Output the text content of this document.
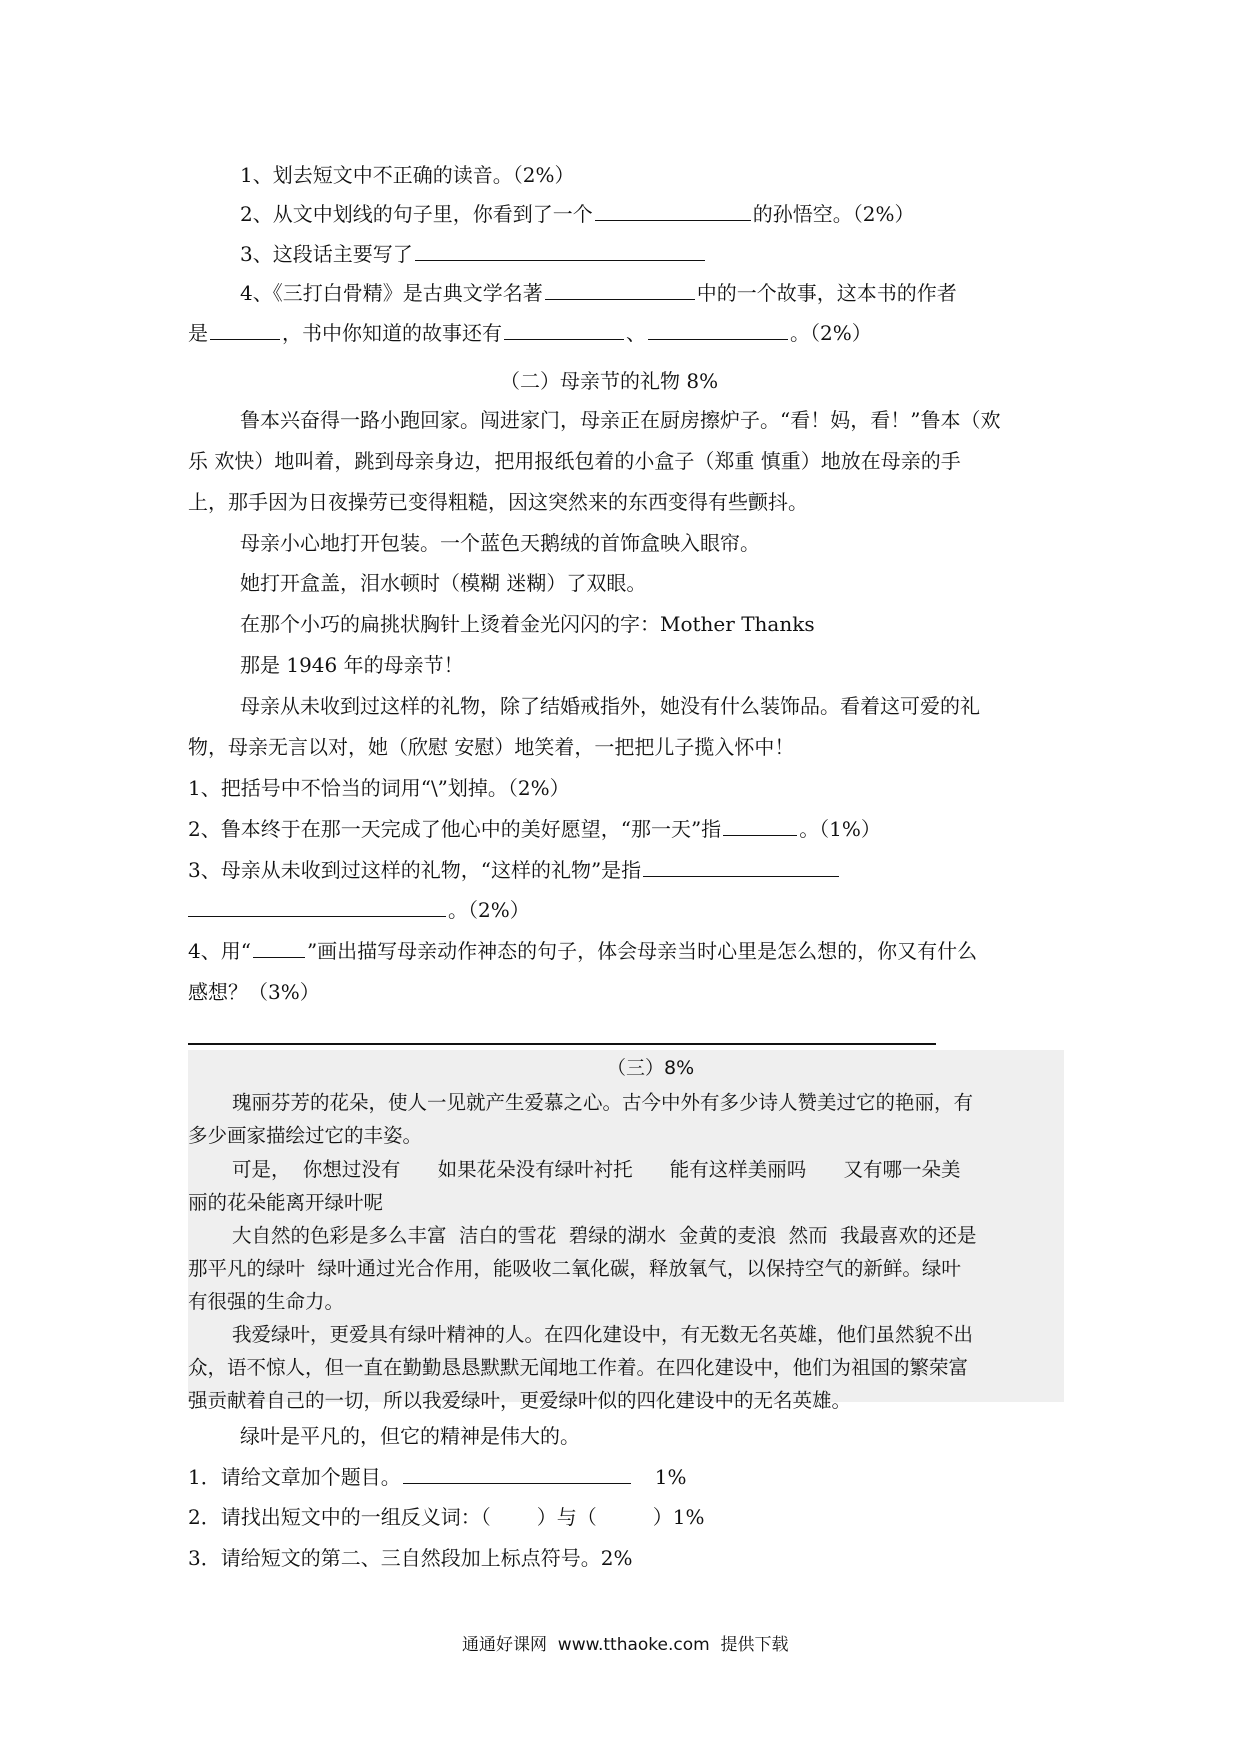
1、划去短文中不正确的读音。（2%）
2、从文中划线的句子里，你看到了一个	的孙悟空。（2%）
3、这段话主要写了
4、《三打白骨精》是古典文学名著	中的一个故事，这本书的作者
是	，书中你知道的故事还有	、	。（2%）
（二）母亲节的礼物 8%
鲁本兴奋得一路小跑回家。闯进家门，母亲正在厨房擦炉子。“看！妈，看！”鲁本（欢
乐 欢快）地叫着，跳到母亲身边，把用报纸包着的小盒子（郑重 慎重）地放在母亲的手
上，那手因为日夜操劳已变得粗糙，因这突然来的东西变得有些颤抖。
母亲小心地打开包装。一个蓝色天鹅绒的首饰盒映入眼帘。
她打开盒盖，泪水顿时（模糊 迷糊）了双眼。
在那个小巧的扁挑状胸针上烫着金光闪闪的字：Mother Thanks
那是 1946 年的母亲节！
母亲从未收到过这样的礼物，除了结婚戒指外，她没有什么装饰品。看着这可爱的礼
物，母亲无言以对，她（欣慰 安慰）地笑着，一把把儿子揽入怀中！
1、把括号中不恰当的词用“\”划掉。（2%）
2、鲁本终于在那一天完成了他心中的美好愿望，“那一天”指	。（1%）
3、母亲从未收到过这样的礼物，“这样的礼物”是指
。（2%）
4、用“	”画出描写母亲动作神态的句子，体会母亲当时心里是怎么想的，你又有什么
感想？（3%）
（三）8%
瑰丽芬芳的花朵，使人一见就产生爱慕之心。古今中外有多少诗人赞美过它的艳丽，有
多少画家描绘过它的丰姿。
可是，  你想过没有      如果花朵没有绿叶衬托      能有这样美丽吗      又有哪一朵美
丽的花朵能离开绿叶呢
大自然的色彩是多么丰富  洁白的雪花  碧绿的湖水  金黄的麦浪  然而  我最喜欢的还是
那平凡的绿叶  绿叶通过光合作用，能吸收二氧化碳，释放氧气，以保持空气的新鲜。绿叶
有很强的生命力。
我爱绿叶，更爱具有绿叶精神的人。在四化建设中，有无数无名英雄，他们虽然貌不出
众，语不惊人，但一直在勤勤恳恳默默无闻地工作着。在四化建设中，他们为祖国的繁荣富
强贡献着自己的一切，所以我爱绿叶，更爱绿叶似的四化建设中的无名英雄。
绿叶是平凡的，但它的精神是伟大的。
1．请给文章加个题目。	1%
2．请找出短文中的一组反义词：（ ）与（	）1%
3．请给短文的第二、三自然段加上标点符号。2%
通通好课网  www.tthaoke.com  提供下载
